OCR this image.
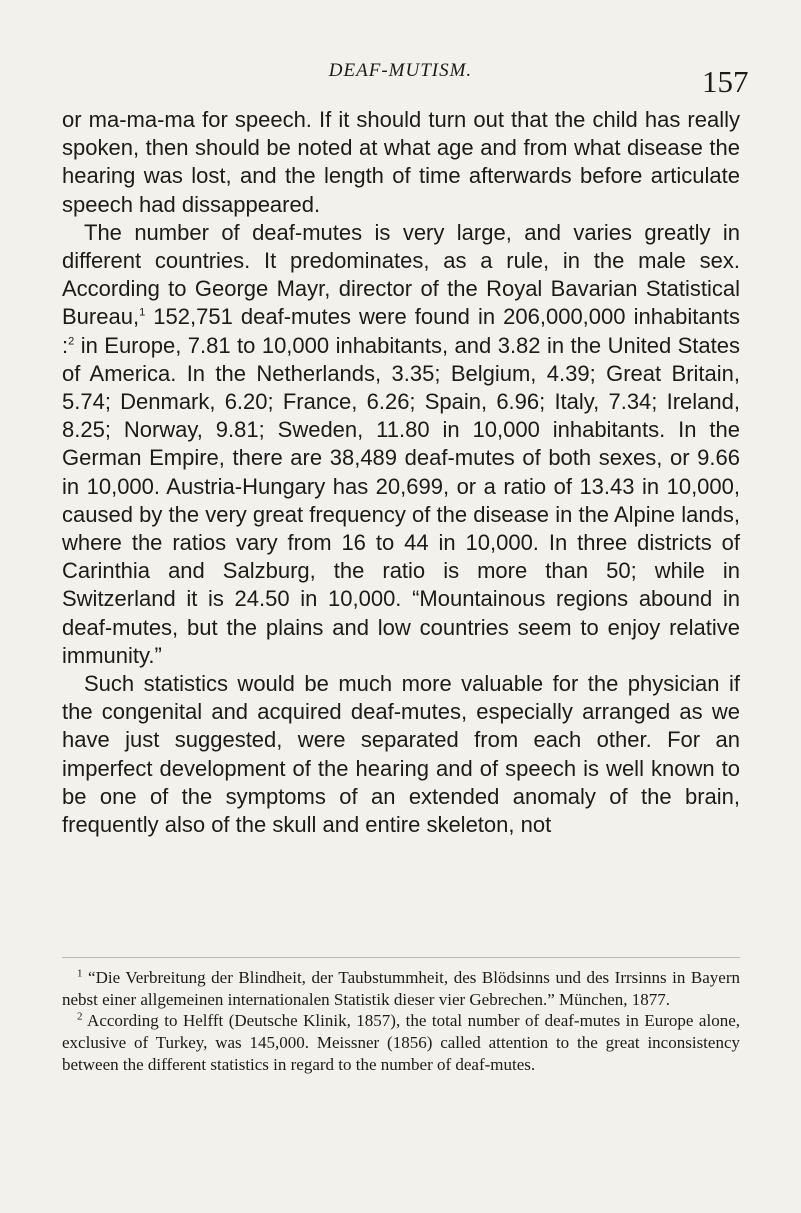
DEAF-MUTISM.	157

or ma-ma-ma for speech. If it should turn out that the child has really spoken, then should be noted at what age and from what disease the hearing was lost, and the length of time afterwards before articulate speech had dissappeared.

The number of deaf-mutes is very large, and varies greatly in different countries. It predominates, as a rule, in the male sex. According to George Mayr, director of the Royal Bavarian Statistical Bureau,$^1$ 152,751 deaf-mutes were found in 206,000,000 inhabitants :$^2$ in Europe, 7.81 to 10,000 inhabitants, and 3.82 in the United States of America. In the Netherlands, 3.35; Belgium, 4.39; Great Britain, 5.74; Denmark, 6.20; France, 6.26; Spain, 6.96; Italy, 7.34; Ireland, 8.25; Norway, 9.81; Sweden, 11.80 in 10,000 inhabitants. In the German Empire, there are 38,489 deaf-mutes of both sexes, or 9.66 in 10,000. Austria-Hungary has 20,699, or a ratio of 13.43 in 10,000, caused by the very great frequency of the disease in the Alpine lands, where the ratios vary from 16 to 44 in 10,000. In three districts of Carinthia and Salzburg, the ratio is more than 50; while in Switzerland it is 24.50 in 10,000. “Mountainous regions abound in deaf-mutes, but the plains and low countries seem to enjoy relative immunity.”

Such statistics would be much more valuable for the physician if the congenital and acquired deaf-mutes, especially arranged as we have just suggested, were separated from each other. For an imperfect development of the hearing and of speech is well known to be one of the symptoms of an extended anomaly of the brain, frequently also of the skull and entire skeleton, not

$^1$ “Die Verbreitung der Blindheit, der Taubstummheit, des Blödsinns und des Irrsinns in Bayern nebst einer allgemeinen internationalen Statistik dieser vier Gebrechen.” München, 1877.

$^2$ According to Helfft (Deutsche Klinik, 1857), the total number of deaf-mutes in Europe alone, exclusive of Turkey, was 145,000. Meissner (1856) called attention to the great inconsistency between the different statistics in regard to the number of deaf-mutes.
